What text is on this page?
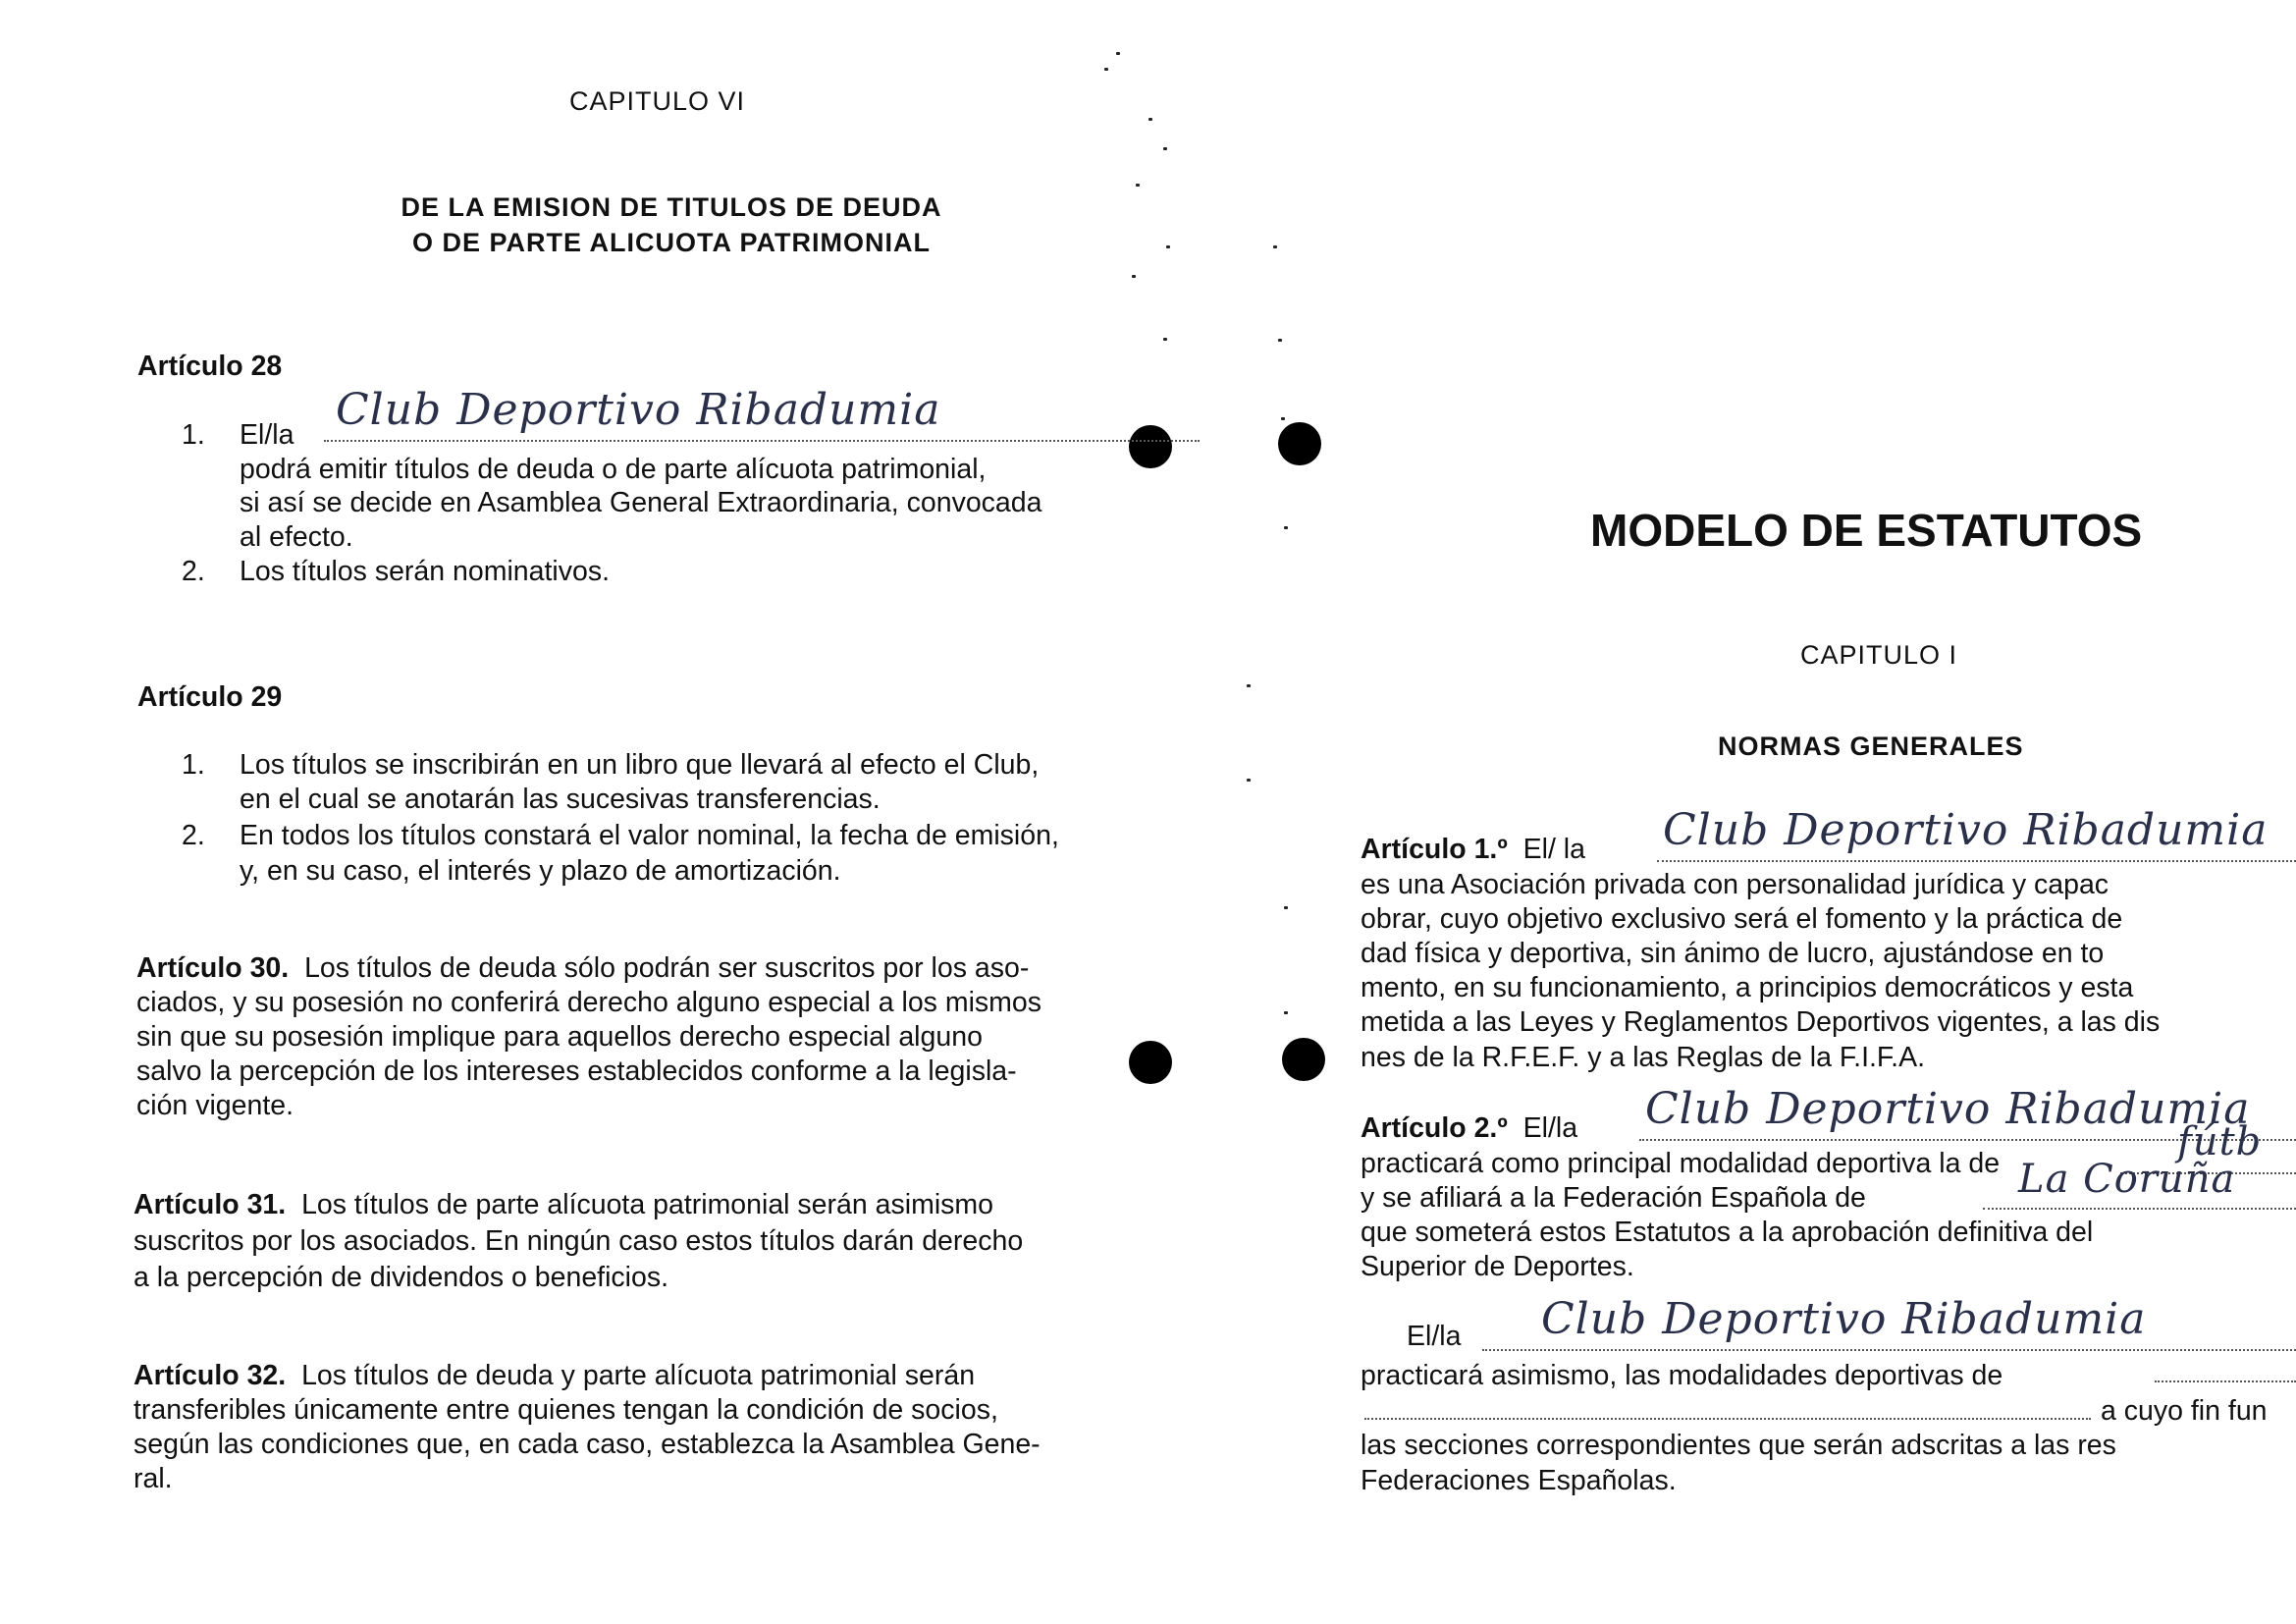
CAPITULO VI
DE LA EMISION DE TITULOS DE DEUDA
O DE PARTE ALICUOTA PATRIMONIAL
Artículo 28
1. El/la Club Deportivo Ribadumia
podrá emitir títulos de deuda o de parte alícuota patrimonial,
si así se decide en Asamblea General Extraordinaria, convocada
al efecto.
2. Los títulos serán nominativos.
Artículo 29
1. Los títulos se inscribirán en un libro que llevará al efecto el Club,
en el cual se anotarán las sucesivas transferencias.
2. En todos los títulos constará el valor nominal, la fecha de emisión,
y, en su caso, el interés y plazo de amortización.
Artículo 30. Los títulos de deuda sólo podrán ser suscritos por los aso-
ciados, y su posesión no conferirá derecho alguno especial a los mismos
sin que su posesión implique para aquellos derecho especial alguno
salvo la percepción de los intereses establecidos conforme a la legisla-
ción vigente.
Artículo 31. Los títulos de parte alícuota patrimonial serán asimismo
suscritos por los asociados. En ningún caso estos títulos darán derecho
a la percepción de dividendos o beneficios.
Artículo 32. Los títulos de deuda y parte alícuota patrimonial serán
transferibles únicamente entre quienes tengan la condición de socios,
según las condiciones que, en cada caso, establezca la Asamblea Gene-
ral.
MODELO DE ESTATUTOS
CAPITULO I
NORMAS GENERALES
Artículo 1.º El/ la Club Deportivo Ribadumia
es una Asociación privada con personalidad jurídica y capac
obrar, cuyo objetivo exclusivo será el fomento y la práctica de
dad física y deportiva, sin ánimo de lucro, ajustándose en to
mento, en su funcionamiento, a principios democráticos y esta
metida a las Leyes y Reglamentos Deportivos vigentes, a las dis
nes de la R.F.E.F. y a las Reglas de la F.I.F.A.
Artículo 2.º El/la Club Deportivo Ribadumia
practicará como principal modalidad deportiva la de	fútb
y se afiliará a la Federación Española de	La Coruña
que someterá estos Estatutos a la aprobación definitiva del
Superior de Deportes.
El/la Club Deportivo Ribadumia
practicará asimismo, las modalidades deportivas de
a cuyo fin fun
las secciones correspondientes que serán adscritas a las res
Federaciones Españolas.
